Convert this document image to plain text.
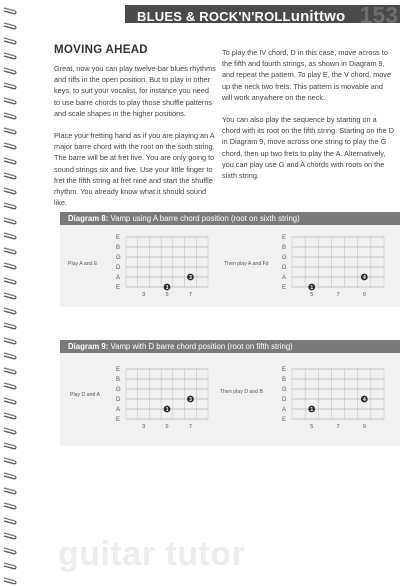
BLUES & ROCK'N'ROLLunittwo 153
MOVING AHEAD

Great, now you can play twelve-bar blues rhythms and riffs in the open position. But to play in other keys, to suit your vocalist, for instance you need to use barre chords to play those shuffle patterns and scale shapes in the higher positions.

Place your fretting hand as if you are playing an A major barre chord with the root on the sixth string. The barre will be at fret five. You are only going to sound strings six and five. Use your little finger to fret the fifth string at fret nine and start the shuffle rhythm. You already know what it should sound like.

To play the IV chord, D in this case, move across to the fifth and fourth strings, as shown in Diagram 9, and repeat the pattern. To play E, the V chord, move up the neck two frets. This pattern is movable and will work anywhere on the neck.

You can also play the sequence by starting on a chord with its root on the fifth string. Starting on the D in Diagram 9, move across one string to play the G chord, then up two frets to play the A. Alternatively, you can play use G and A chords with roots on the sixth string.

Diagram 8: Vamp using A barre chord position (root on sixth string)
Play A and E
E
B
G
D
A
E
3	5	7
1
3
Then play A and F♯
E
B
G
D
A
E
5	7	9
1
4
Diagram 9: Vamp with D barre chord position (root on fifth string)
Play D and A
E
B
G
D
A
E
3	5	7
1
3
Then play D and B
E
B
G
D
A
E
5	7	9
1
4
guitar tutor
